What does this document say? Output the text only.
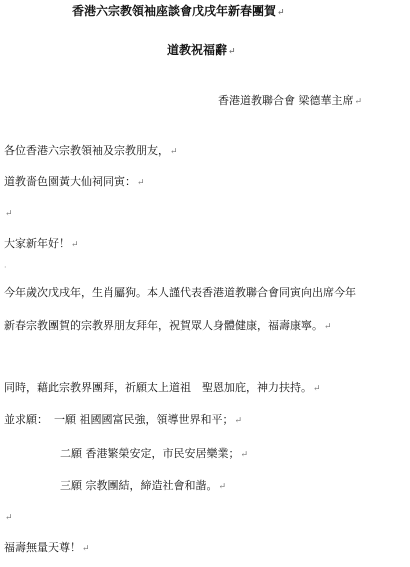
香港六宗教領袖座談會戊戌年新春團賀↵
道教祝福辭↵
香港道教聯合會 梁德華主席↵
各位香港六宗教領袖及宗教朋友，↵
道教嗇色園黃大仙祠同寅：↵
↵
大家新年好！↵
·
今年歲次戊戌年，生肖屬狗。本人謹代表香港道教聯合會同寅向出席今年
新春宗教團賀的宗教界朋友拜年，祝賀眾人身體健康，福壽康寧。↵
同時，藉此宗教界團拜，祈願太上道祖　聖恩加庇，神力扶持。↵
並求願： 一願 祖國國富民強，領導世界和平；↵
二願 香港繁榮安定，市民安居樂業；↵
三願 宗教團結，締造社會和諧。↵
↵
福壽無量天尊！↵
